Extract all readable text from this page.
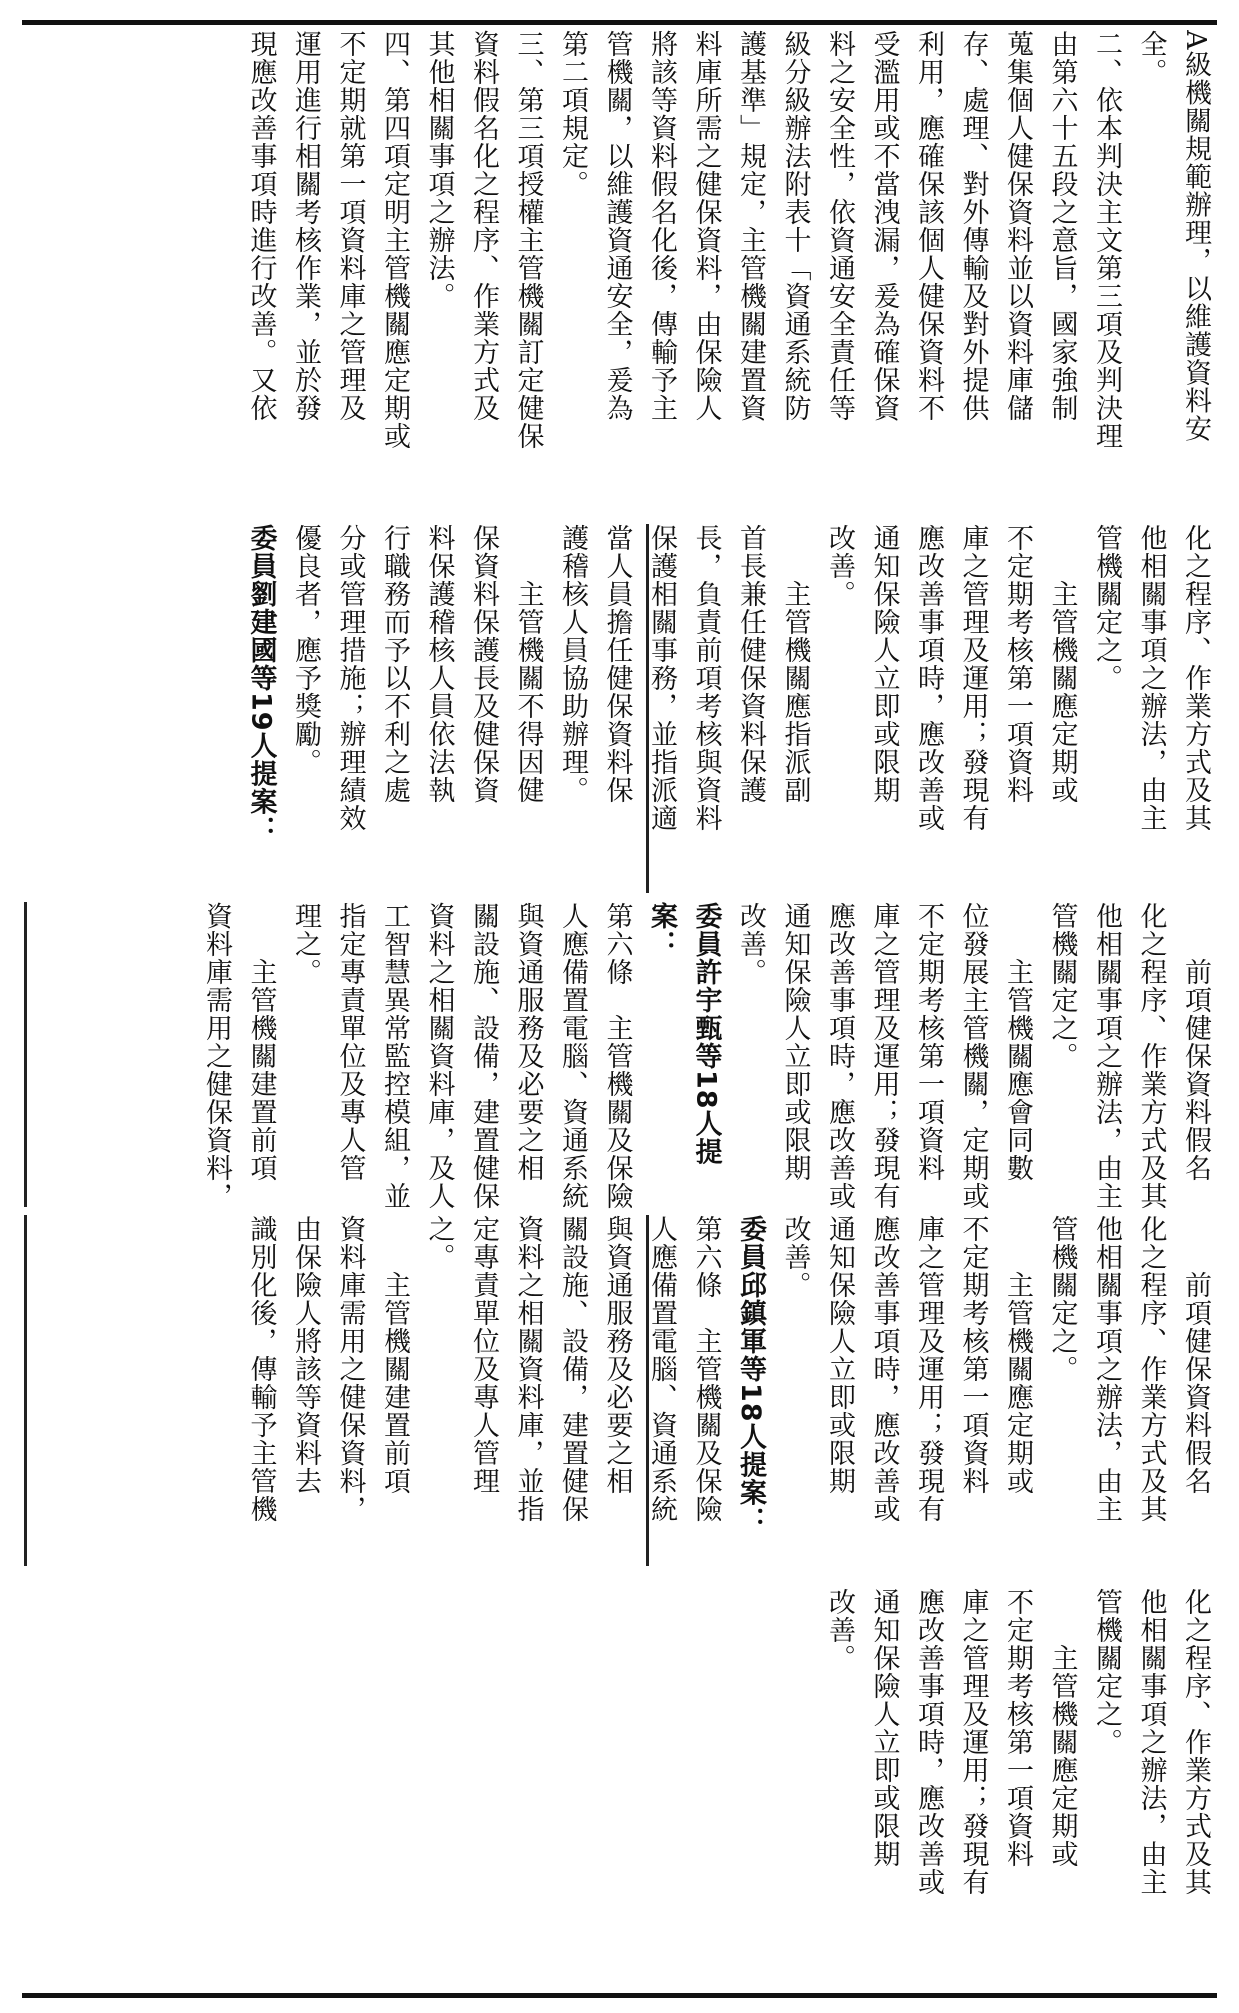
A級機關規範辦理，以維護資料安
全。
二、依本判決主文第三項及判決理
由第六十五段之意旨，國家強制
蒐集個人健保資料並以資料庫儲
存、處理、對外傳輸及對外提供
利用，應確保該個人健保資料不
受濫用或不當洩漏，爰為確保資
料之安全性，依資通安全責任等
級分級辦法附表十「資通系統防
護基準」規定，主管機關建置資
料庫所需之健保資料，由保險人
將該等資料假名化後，傳輸予主
管機關，以維護資通安全，爰為
第二項規定。
三、第三項授權主管機關訂定健保
資料假名化之程序、作業方式及
其他相關事項之辦法。
四、第四項定明主管機關應定期或
不定期就第一項資料庫之管理及
運用進行相關考核作業，並於發
現應改善事項時進行改善。又依
化之程序、作業方式及其
他相關事項之辦法，由主
管機關定之。
　　主管機關應定期或
不定期考核第一項資料
庫之管理及運用；發現有
應改善事項時，應改善或
通知保險人立即或限期
改善。
　　主管機關應指派副
首長兼任健保資料保護
長，負責前項考核與資料
保護相關事務，並指派適
當人員擔任健保資料保
護稽核人員協助辦理。
　　主管機關不得因健
保資料保護長及健保資
料保護稽核人員依法執
行職務而予以不利之處
分或管理措施；辦理績效
優良者，應予獎勵。
委員劉建國等19人提案：
　　前項健保資料假名
化之程序、作業方式及其
他相關事項之辦法，由主
管機關定之。
　　主管機關應會同數
位發展主管機關，定期或
不定期考核第一項資料
庫之管理及運用；發現有
應改善事項時，應改善或
通知保險人立即或限期
改善。
委員許宇甄等18人提案：
第六條　主管機關及保險
人應備置電腦、資通系統
與資通服務及必要之相
關設施、設備，建置健保
資料之相關資料庫，及人
工智慧異常監控模組，並
指定專責單位及專人管
理之。
　　主管機關建置前項
資料庫需用之健保資料，
　　前項健保資料假名
化之程序、作業方式及其
他相關事項之辦法，由主
管機關定之。
　　主管機關應定期或
不定期考核第一項資料
庫之管理及運用；發現有
應改善事項時，應改善或
通知保險人立即或限期
改善。
委員邱鎮軍等18人提案：
第六條　主管機關及保險
人應備置電腦、資通系統
與資通服務及必要之相
關設施、設備，建置健保
資料之相關資料庫，並指
定專責單位及專人管理
之。
　　主管機關建置前項
資料庫需用之健保資料，
由保險人將該等資料去
識別化後，傳輸予主管機
化之程序、作業方式及其
他相關事項之辦法，由主
管機關定之。
　　主管機關應定期或
不定期考核第一項資料
庫之管理及運用；發現有
應改善事項時，應改善或
通知保險人立即或限期
改善。
